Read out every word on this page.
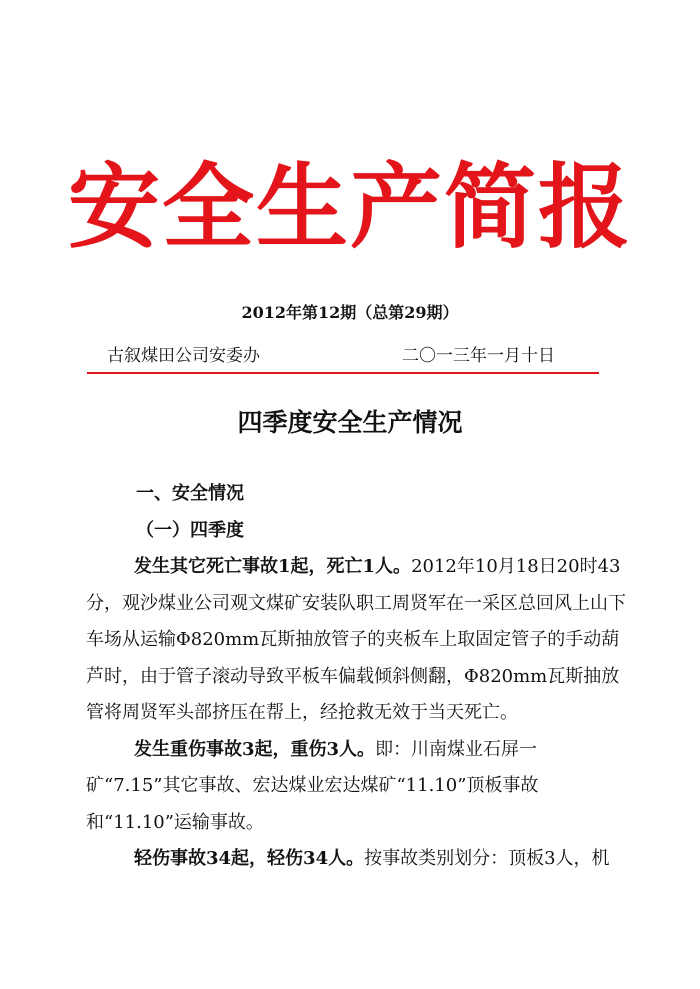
安全生产简报
2012年第12期（总第29期）
古叙煤田公司安委办	二〇一三年一月十日
四季度安全生产情况

一、安全情况

（一）四季度

发生其它死亡事故1起，死亡1人。2012年10月18日20时43分，观沙煤业公司观文煤矿安装队职工周贤军在一采区总回风上山下车场从运输Φ820mm瓦斯抽放管子的夹板车上取固定管子的手动葫芦时，由于管子滚动导致平板车偏载倾斜侧翻，Φ820mm瓦斯抽放管将周贤军头部挤压在帮上，经抢救无效于当天死亡。

发生重伤事故3起，重伤3人。即：川南煤业石屏一矿“7.15”其它事故、宏达煤业宏达煤矿“11.10”顶板事故和“11.10”运输事故。

轻伤事故34起，轻伤34人。按事故类别划分：顶板3人，机
